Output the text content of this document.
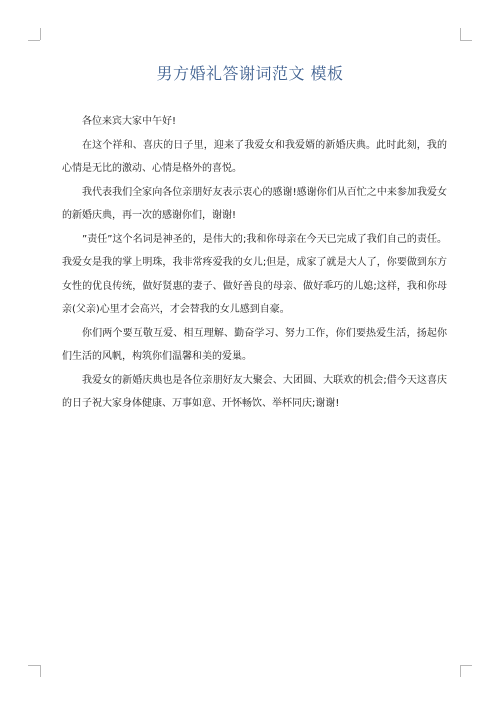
男方婚礼答谢词范文 模板

各位来宾大家中午好!

在这个祥和、喜庆的日子里，迎来了我爱女和我爱婿的新婚庆典。此时此刻，我的心情是无比的激动、心情是格外的喜悦。

我代表我们全家向各位亲朋好友表示衷心的感谢!感谢你们从百忙之中来参加我爱女的新婚庆典，再一次的感谢你们，谢谢!

”责任”这个名词是神圣的，是伟大的;我和你母亲在今天已完成了我们自己的责任。我爱女是我的掌上明珠，我非常疼爱我的女儿;但是，成家了就是大人了，你要做到东方女性的优良传统，做好贤惠的妻子、做好善良的母亲、做好乖巧的儿媳;这样，我和你母亲(父亲)心里才会高兴，才会替我的女儿感到自豪。

你们两个要互敬互爱、相互理解、勤奋学习、努力工作，你们要热爱生活，扬起你们生活的风帆，构筑你们温馨和美的爱巢。

我爱女的新婚庆典也是各位亲朋好友大聚会、大团圆、大联欢的机会;借今天这喜庆的日子祝大家身体健康、万事如意、开怀畅饮、举杯同庆;谢谢!
